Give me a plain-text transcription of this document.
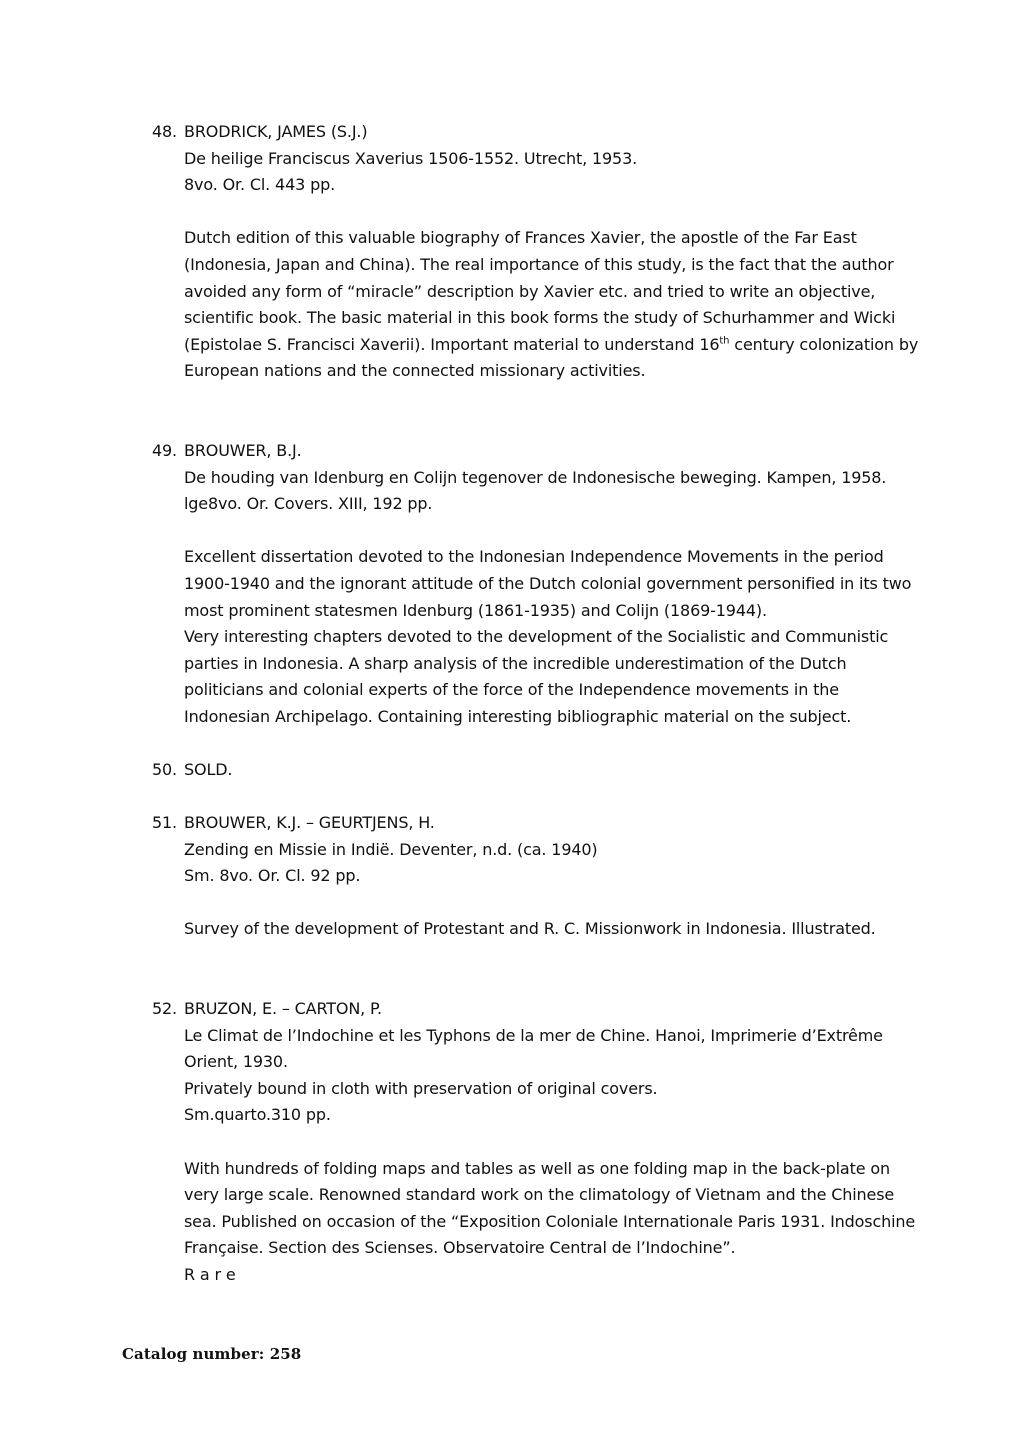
48. BRODRICK, JAMES (S.J.)
De heilige Franciscus Xaverius 1506-1552. Utrecht, 1953.
8vo. Or. Cl. 443 pp.
Dutch edition of this valuable biography of Frances Xavier, the apostle of the Far East
(Indonesia, Japan and China). The real importance of this study, is the fact that the author
avoided any form of “miracle” description by Xavier etc. and tried to write an objective,
scientific book. The basic material in this book forms the study of Schurhammer and Wicki
(Epistolae S. Francisci Xaverii). Important material to understand 16th century colonization by
European nations and the connected missionary activities.
49. BROUWER, B.J.
De houding van Idenburg en Colijn tegenover de Indonesische beweging. Kampen, 1958.
lge8vo. Or. Covers. XIII, 192 pp.
Excellent dissertation devoted to the Indonesian Independence Movements in the period
1900-1940 and the ignorant attitude of the Dutch colonial government personified in its two
most prominent statesmen Idenburg (1861-1935) and Colijn (1869-1944).
Very interesting chapters devoted to the development of the Socialistic and Communistic
parties in Indonesia. A sharp analysis of the incredible underestimation of the Dutch
politicians and colonial experts of the force of the Independence movements in the
Indonesian Archipelago. Containing interesting bibliographic material on the subject.
50. SOLD.
51. BROUWER, K.J. – GEURTJENS, H.
Zending en Missie in Indië. Deventer, n.d. (ca. 1940)
Sm. 8vo. Or. Cl. 92 pp.
Survey of the development of Protestant and R. C. Missionwork in Indonesia. Illustrated.
52. BRUZON, E. – CARTON, P.
Le Climat de l’Indochine et les Typhons de la mer de Chine. Hanoi, Imprimerie d’Extrême
Orient, 1930.
Privately bound in cloth with preservation of original covers.
Sm.quarto.310 pp.
With hundreds of folding maps and tables as well as one folding map in the back-plate on
very large scale. Renowned standard work on the climatology of Vietnam and the Chinese
sea. Published on occasion of the “Exposition Coloniale Internationale Paris 1931. Indoschine
Française. Section des Scienses. Observatoire Central de l’Indochine”.
R a r e
Catalog number: 258
